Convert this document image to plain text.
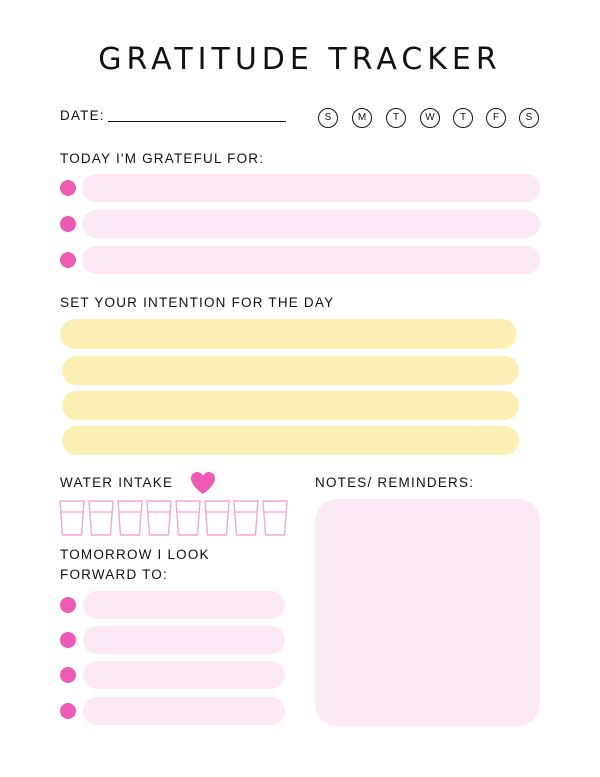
GRATITUDE TRACKER
DATE:	S	M	T	W	T	F	S
TODAY I'M GRATEFUL FOR:
SET YOUR INTENTION FOR THE DAY
WATER INTAKE
TOMORROW I LOOK
FORWARD TO:
NOTES/ REMINDERS:
